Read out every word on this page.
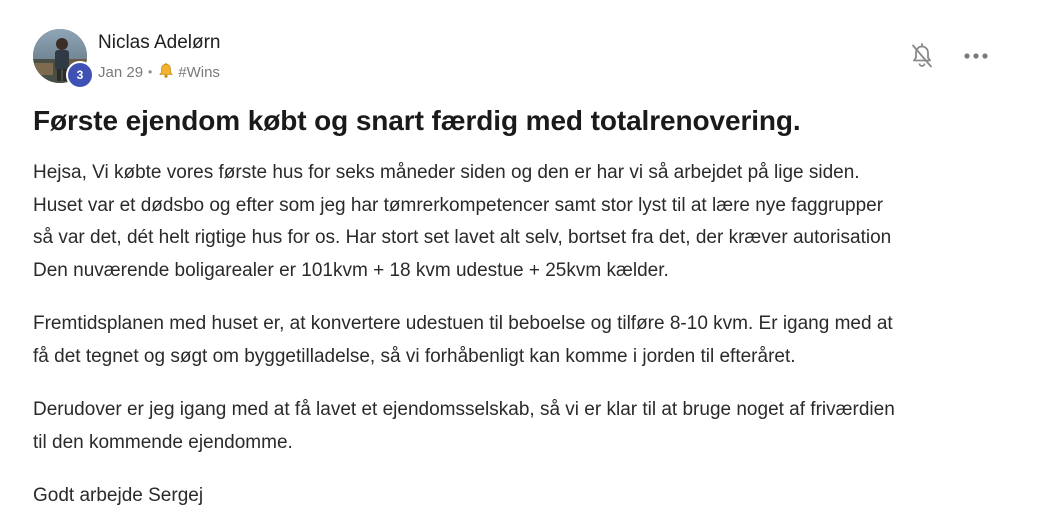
3
Niclas Adelørn
Jan 29 • #Wins
Første ejendom købt og snart færdig med totalrenovering.

Hejsa, Vi købte vores første hus for seks måneder siden og den er har vi så arbejdet på lige siden.
Huset var et dødsbo og efter som jeg har tømrerkompetencer samt stor lyst til at lære nye faggrupper
så var det, dét helt rigtige hus for os. Har stort set lavet alt selv, bortset fra det, der kræver autorisation
Den nuværende boligarealer er 101kvm + 18 kvm udestue + 25kvm kælder.

Fremtidsplanen med huset er, at konvertere udestuen til beboelse og tilføre 8-10 kvm. Er igang med at
få det tegnet og søgt om byggetilladelse, så vi forhåbenligt kan komme i jorden til efteråret.

Derudover er jeg igang med at få lavet et ejendomsselskab, så vi er klar til at bruge noget af friværdien
til den kommende ejendomme.

Godt arbejde Sergej
